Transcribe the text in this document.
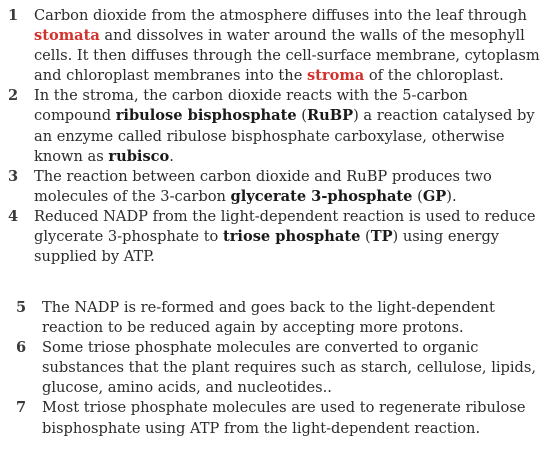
1	Carbon dioxide from the atmosphere diffuses into the leaf through stomata and dissolves in water around the walls of the mesophyll cells. It then diffuses through the cell-surface membrane, cytoplasm and chloroplast membranes into the stroma of the chloroplast.
2	In the stroma, the carbon dioxide reacts with the 5-carbon compound ribulose bisphosphate (RuBP) a reaction catalysed by an enzyme called ribulose bisphosphate carboxylase, otherwise known as rubisco.
3	The reaction between carbon dioxide and RuBP produces two molecules of the 3-carbon glycerate 3-phosphate (GP).
4	Reduced NADP from the light-dependent reaction is used to reduce glycerate 3-phosphate to triose phosphate (TP) using energy supplied by ATP.
5	The NADP is re-formed and goes back to the light-dependent reaction to be reduced again by accepting more protons.
6	Some triose phosphate molecules are converted to organic substances that the plant requires such as starch, cellulose, lipids, glucose, amino acids, and nucleotides..
7	Most triose phosphate molecules are used to regenerate ribulose bisphosphate using ATP from the light-dependent reaction.
